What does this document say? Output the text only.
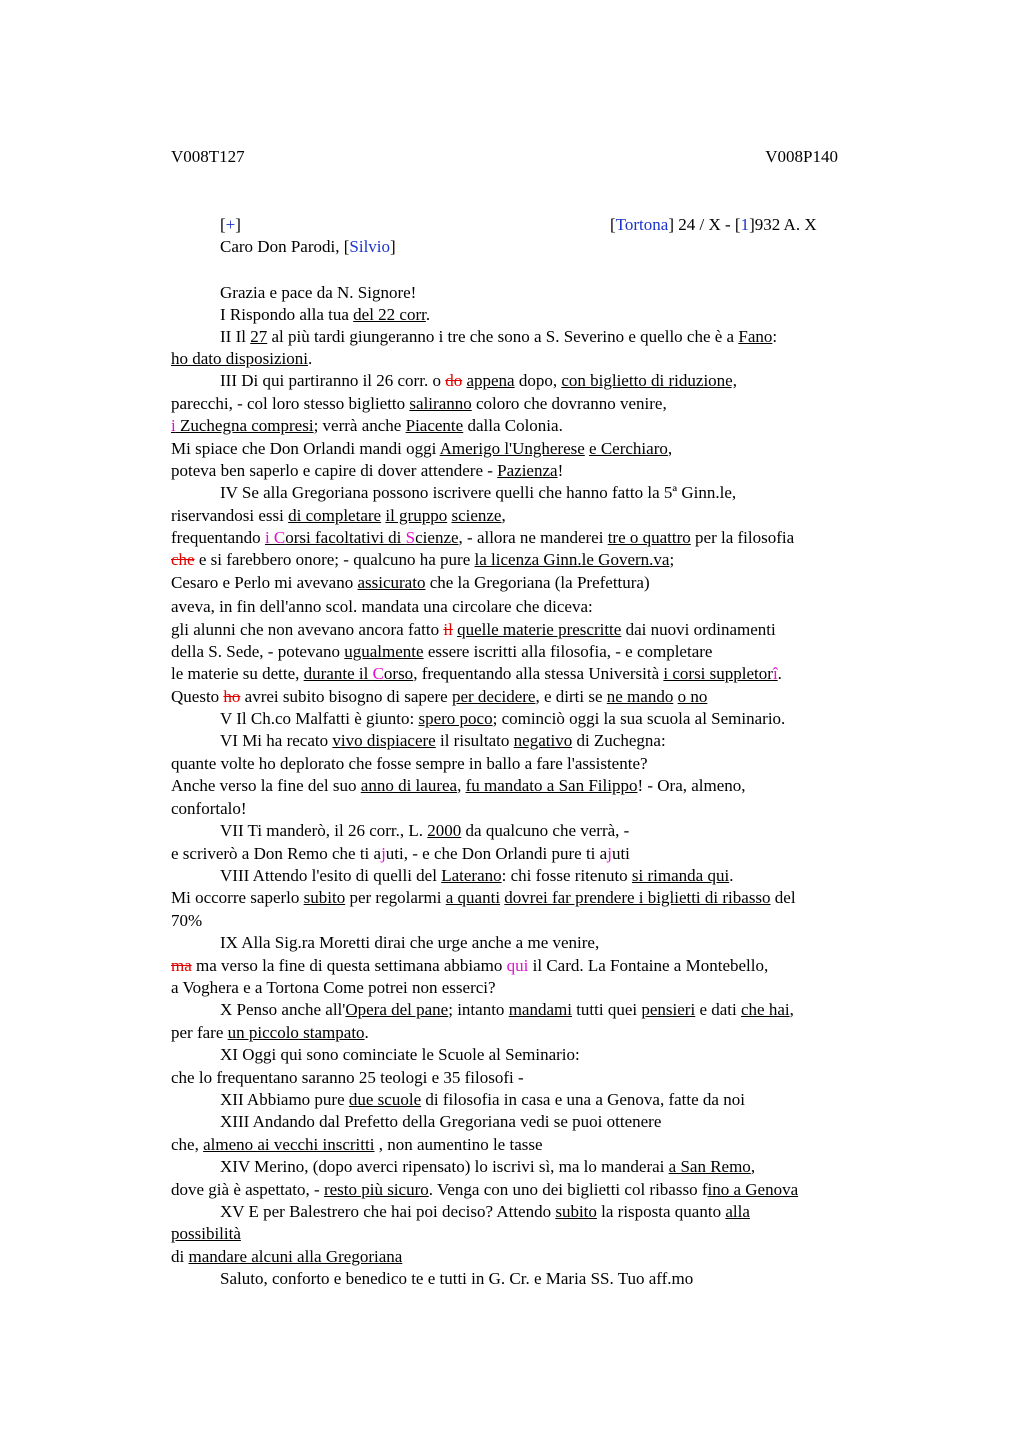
V008T127	V008P140
[+]	[Tortona] 24 / X - [1]932 A. X
Caro Don Parodi, [Silvio]
Grazia e pace da N. Signore!
I Rispondo alla tua del 22 corr.
II Il 27 al più tardi giungeranno i tre che sono a S. Severino e quello che è a Fano:
ho dato disposizioni.
III Di qui partiranno il 26 corr. o do appena dopo, con biglietto di riduzione,
parecchi, - col loro stesso biglietto saliranno coloro che dovranno venire,
i Zuchegna compresi; verrà anche Piacente dalla Colonia.
Mi spiace che Don Orlandi mandi oggi Amerigo l'Ungherese e Cerchiaro,
poteva ben saperlo e capire di dover attendere - Pazienza!
IV Se alla Gregoriana possono iscrivere quelli che hanno fatto la 5ª Ginn.le,
riservandosi essi di completare il gruppo scienze,
frequentando i Corsi facoltativi di Scienze, - allora ne manderei tre o quattro per la filosofia
che e si farebbero onore; - qualcuno ha pure la licenza Ginn.le Govern.va;
Cesaro e Perlo mi avevano assicurato che la Gregoriana (la Prefettura)
aveva, in fin dell'anno scol. mandata una circolare che diceva:
gli alunni che non avevano ancora fatto il quelle materie prescritte dai nuovi ordinamenti
della S. Sede, - potevano ugualmente essere iscritti alla filosofia, - e completare
le materie su dette, durante il Corso, frequentando alla stessa Università i corsi suppletorî.
Questo ho avrei subito bisogno di sapere per decidere, e dirti se ne mando o no
V Il Ch.co Malfatti è giunto: spero poco; cominciò oggi la sua scuola al Seminario.
VI Mi ha recato vivo dispiacere il risultato negativo di Zuchegna:
quante volte ho deplorato che fosse sempre in ballo a fare l'assistente?
Anche verso la fine del suo anno di laurea, fu mandato a San Filippo! - Ora, almeno,
confortalo!
VII Ti manderò, il 26 corr., L. 2000 da qualcuno che verrà, -
e scriverò a Don Remo che ti ajuti, - e che Don Orlandi pure ti ajuti
VIII Attendo l'esito di quelli del Laterano: chi fosse ritenuto si rimanda qui.
Mi occorre saperlo subito per regolarmi a quanti dovrei far prendere i biglietti di ribasso del
70%
IX Alla Sig.ra Moretti dirai che urge anche a me venire,
ma ma verso la fine di questa settimana abbiamo qui il Card. La Fontaine a Montebello,
a Voghera e a Tortona Come potrei non esserci?
X Penso anche all'Opera del pane; intanto mandami tutti quei pensieri e dati che hai,
per fare un piccolo stampato.
XI Oggi qui sono cominciate le Scuole al Seminario:
che lo frequentano saranno 25 teologi e 35 filosofi -
XII Abbiamo pure due scuole di filosofia in casa e una a Genova, fatte da noi
XIII Andando dal Prefetto della Gregoriana vedi se puoi ottenere
che, almeno ai vecchi inscritti , non aumentino le tasse
XIV Merino, (dopo averci ripensato) lo iscrivi sì, ma lo manderai a San Remo,
dove già è aspettato, - resto più sicuro. Venga con uno dei biglietti col ribasso fino a Genova
XV E per Balestrero che hai poi deciso? Attendo subito la risposta quanto alla
possibilità
di mandare alcuni alla Gregoriana
Saluto, conforto e benedico te e tutti in G. Cr. e Maria SS. Tuo aff.mo
